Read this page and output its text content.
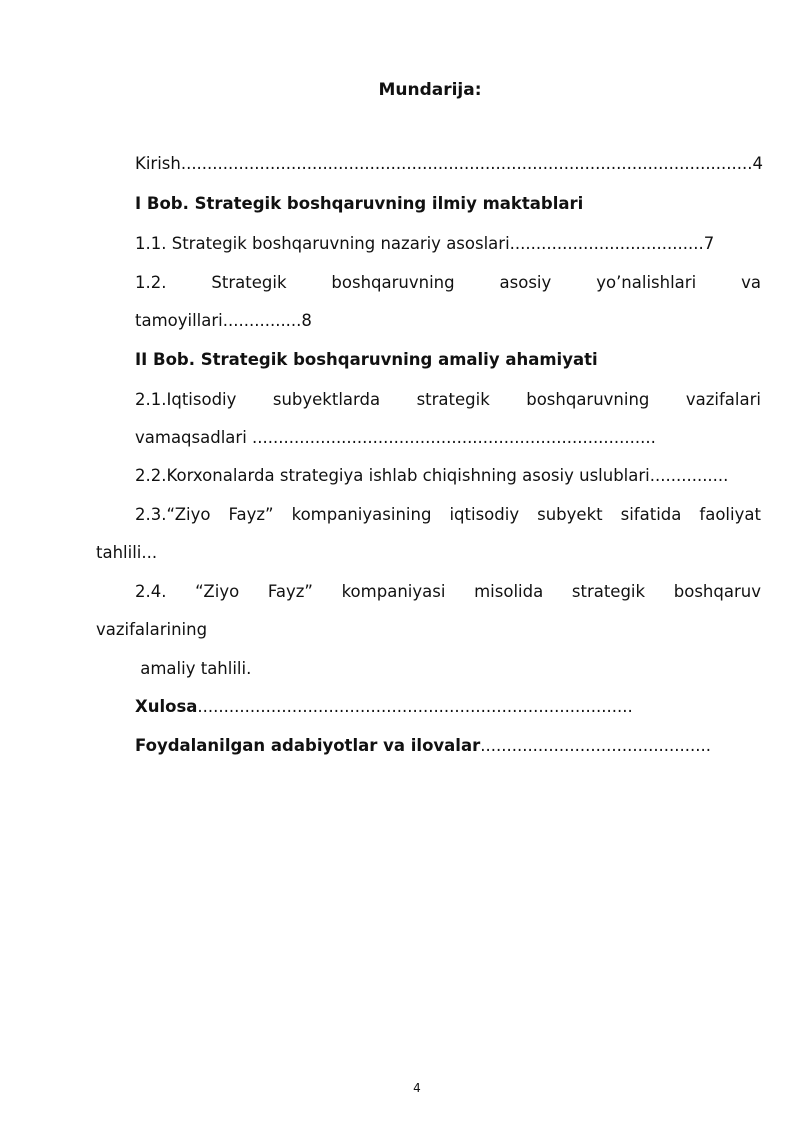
Mundarija:
Kirish.............................................................................................................4
I Bob. Strategik boshqaruvning ilmiy maktablari
1.1. Strategik boshqaruvning nazariy asoslari.....................................7
1.2.	Strategik	boshqaruvning	asosiy	yo’nalishlari	va
tamoyillari...............8
II Bob. Strategik boshqaruvning amaliy ahamiyati
2.1.Iqtisodiy subyektlarda strategik boshqaruvning vazifalari
vamaqsadlari .............................................................................
2.2.Korxonalarda strategiya ishlab chiqishning asosiy uslublari...............
2.3.“Ziyo Fayz” kompaniyasining iqtisodiy subyekt sifatida faoliyat
tahlili...
2.4. “Ziyo Fayz” kompaniyasi misolida strategik boshqaruv
vazifalarining
amaliy tahlili.
Xulosa...................................................................................
Foydalanilgan adabiyotlar va ilovalar............................................
4
